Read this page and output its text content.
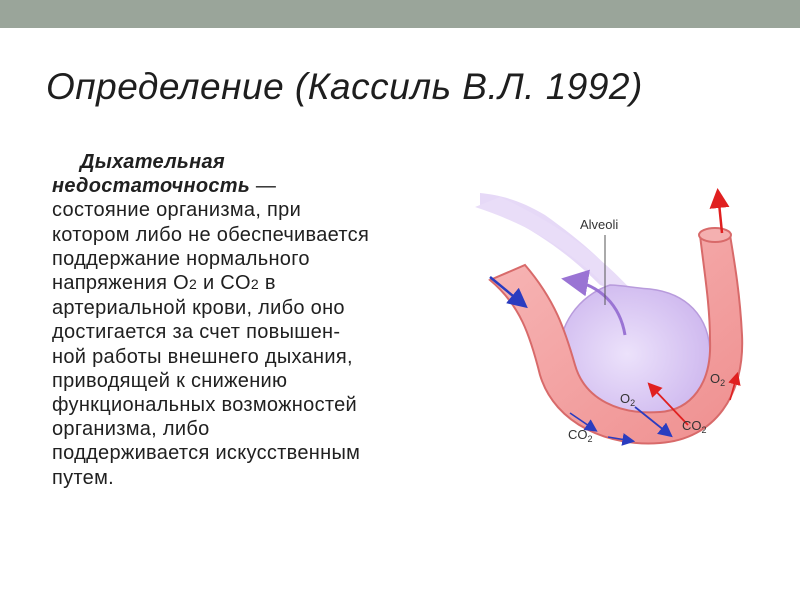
Определение (Кассиль В.Л. 1992)
Дыхательная
недостаточность —
состояние организма, при
котором либо не обеспечивается
поддержание нормального
напряжения O2 и CO2 в
артериальной крови, либо оно
достигается за счет повышен-
ной работы внешнего дыхания,
приводящей к снижению
функциональных возможностей
организма, либо
поддерживается искусственным
путем.
Alveoli
$O_2$
$O_2$
$CO_2$
$CO_2$
